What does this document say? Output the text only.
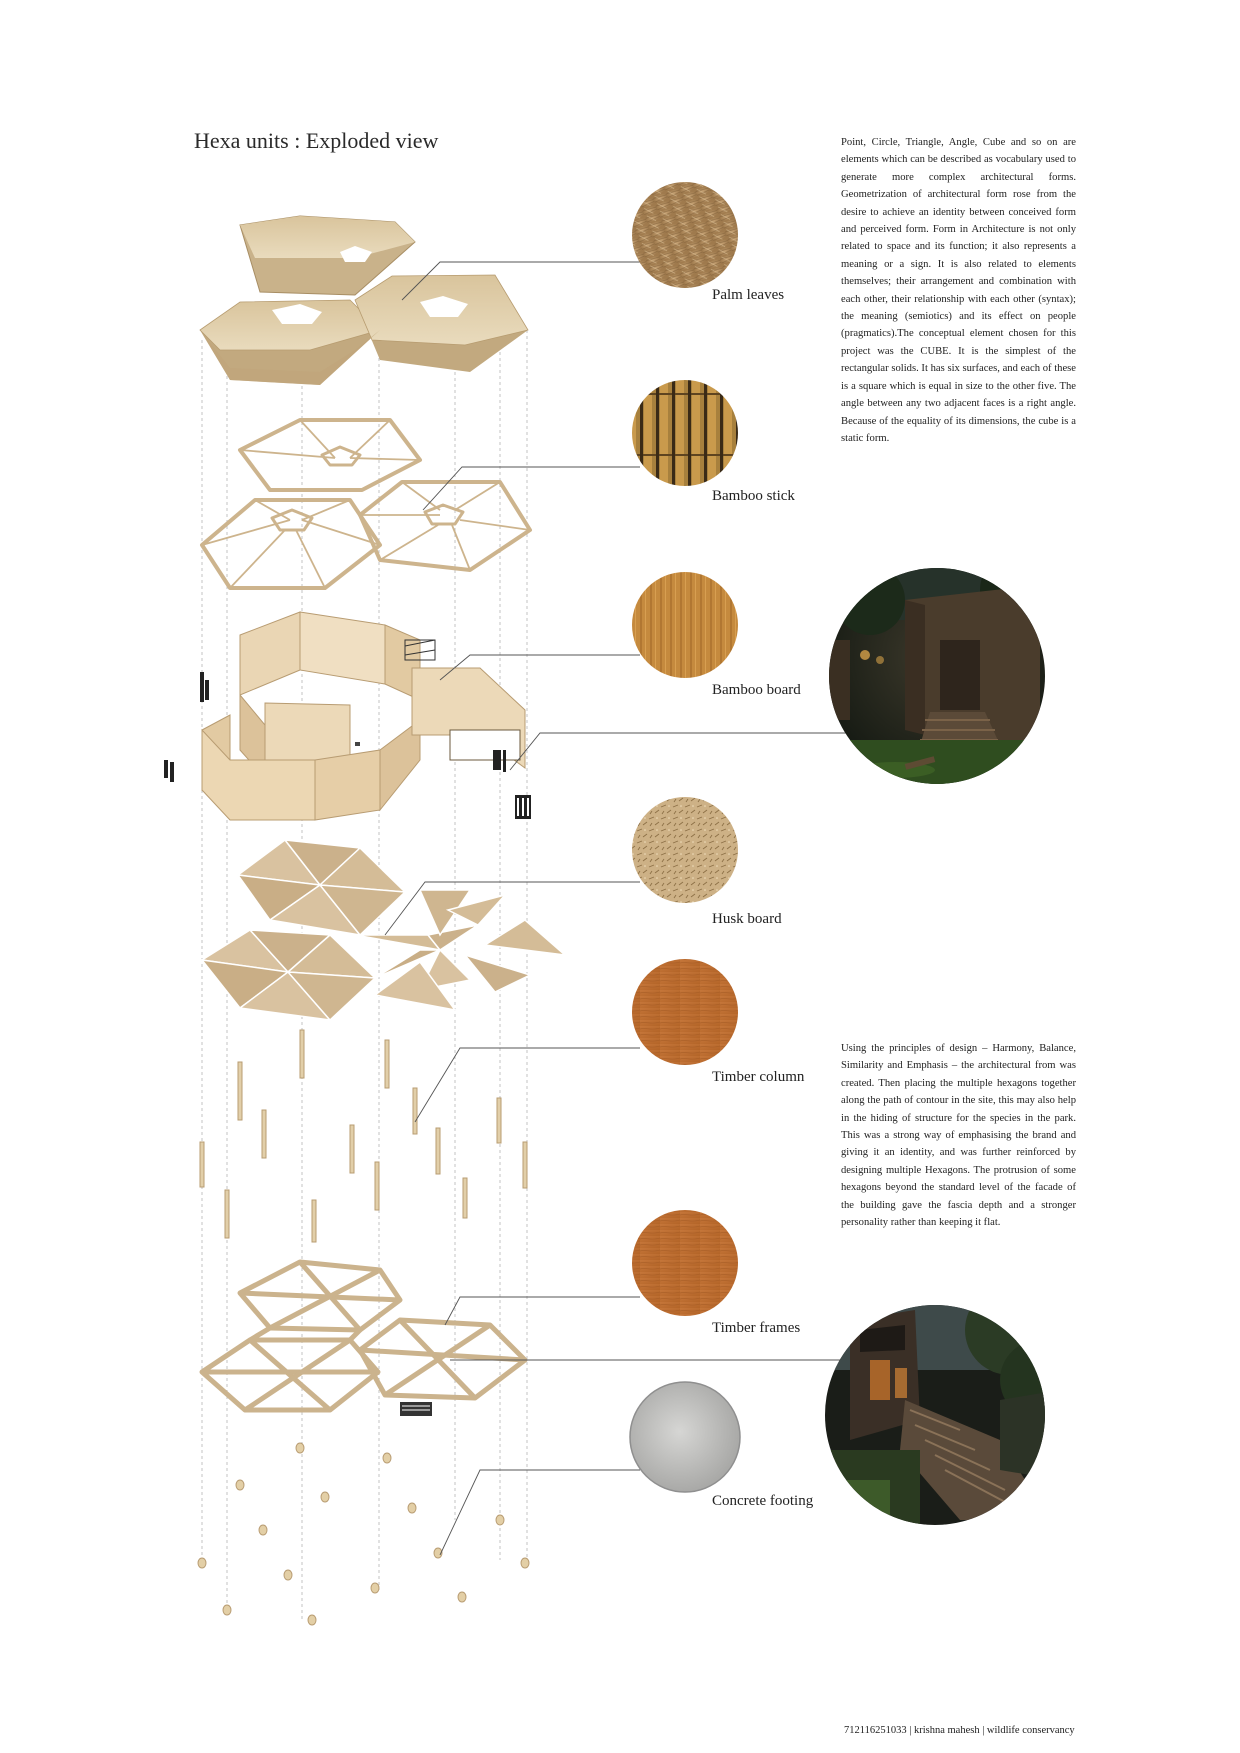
Hexa units : Exploded view	Point, Circle, Triangle, Angle, Cube and so on are elements which can be described as vocabulary used to generate more complex architectural forms. Geometrization of architectural form rose from the desire to achieve an identity between conceived form and perceived form. Form in Architecture is not only related to space and its function; it also represents a meaning or a sign. It is also related to elements themselves; their arrangement and combination with each other, their relationship with each other (syntax); the meaning (semiotics) and its effect on people (pragmatics).The conceptual element chosen for this project was the CUBE. It is the simplest of the rectangular solids. It has six surfaces, and each of these is a square which is equal in size to the other five. The angle between any two adjacent faces is a right angle. Because of the equality of its dimensions, the cube is a static form.
Using the principles of design – Harmony, Balance, Similarity and Emphasis – the architectural from was created. Then placing the multiple hexagons together along the path of contour in the site, this may also help in the hiding of structure for the species in the park. This was a strong way of emphasising the brand and giving it an identity, and was further reinforced by designing multiple Hexagons. The protrusion of some hexagons beyond the standard level of the facade of the building gave the fascia depth and a stronger personality rather than keeping it flat.
Palm leaves
Bamboo stick
Bamboo board
Husk board
Timber column
Timber frames
Concrete footing
712116251033 | krishna mahesh | wildlife conservancy
